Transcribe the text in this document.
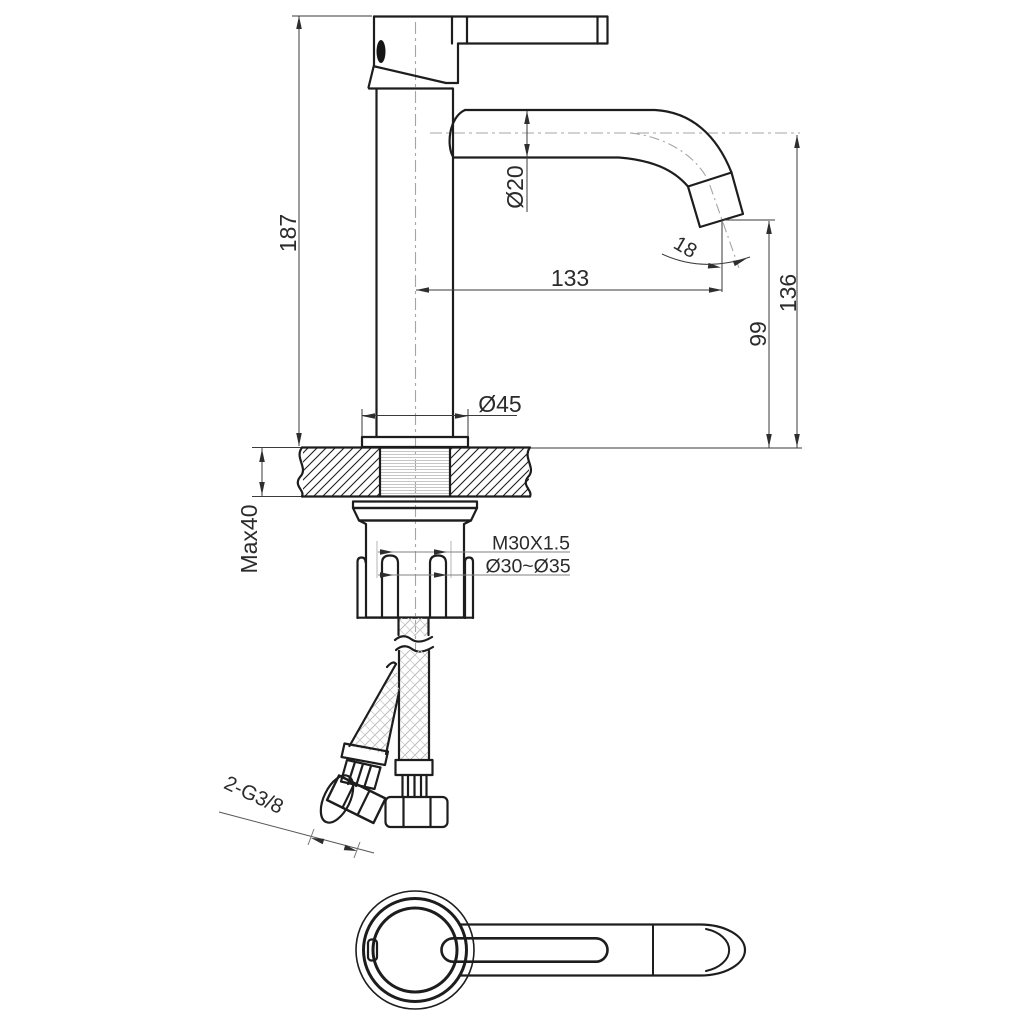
187
Ø20
133
18
99
136
Ø45
Max40	M30X1.5
Ø30~Ø35
2-G3/8
